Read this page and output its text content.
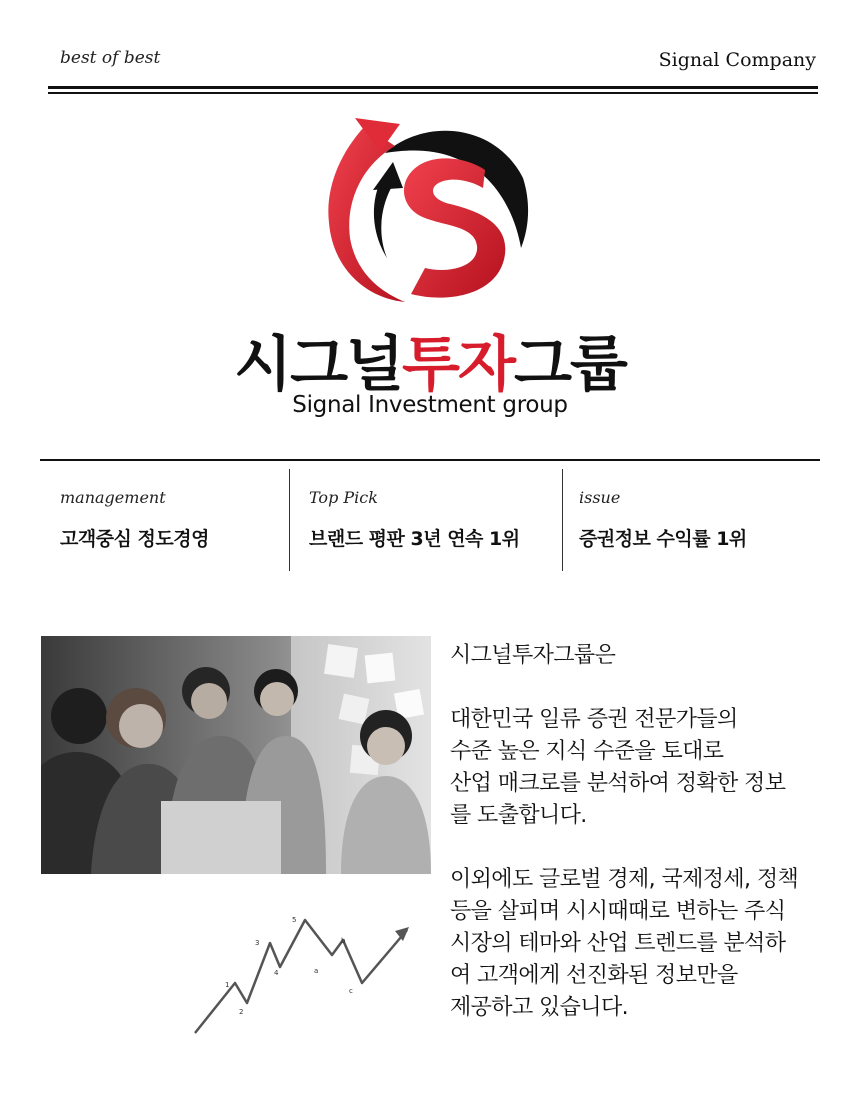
best of best	Signal Company
시그널투자그룹
Signal Investment group
management
고객중심 정도경영
Top Pick
브랜드 평판 3년 연속 1위
issue
증권정보 수익률 1위
1
2
3
4
5
a
b
c
시그널투자그룹은
대한민국 일류 증권 전문가들의
수준 높은 지식 수준을 토대로
산업 매크로를 분석하여 정확한 정보
를 도출합니다.
이외에도 글로벌 경제, 국제정세, 정책
등을 살피며 시시때때로 변하는 주식
시장의 테마와 산업 트렌드를 분석하
여 고객에게 선진화된 정보만을
제공하고 있습니다.
